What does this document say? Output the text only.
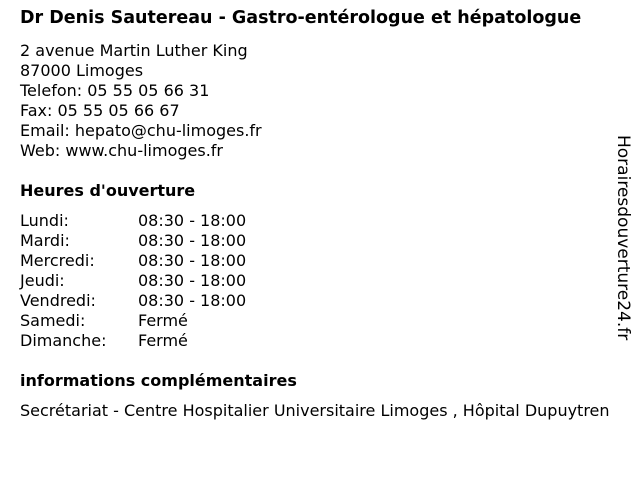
Dr Denis Sautereau - Gastro-entérologue et hépatologue
2 avenue Martin Luther King
87000 Limoges
Telefon: 05 55 05 66 31
Fax: 05 55 05 66 67
Email: hepato@chu-limoges.fr
Web: www.chu-limoges.fr
Heures d'ouverture
Lundi:	08:30 - 18:00
Mardi:	08:30 - 18:00
Mercredi:	08:30 - 18:00
Jeudi:	08:30 - 18:00
Vendredi:	08:30 - 18:00
Samedi:	Fermé
Dimanche:	Fermé
informations complémentaires
Secrétariat - Centre Hospitalier Universitaire Limoges , Hôpital Dupuytren
Horairesdouverture24.fr
